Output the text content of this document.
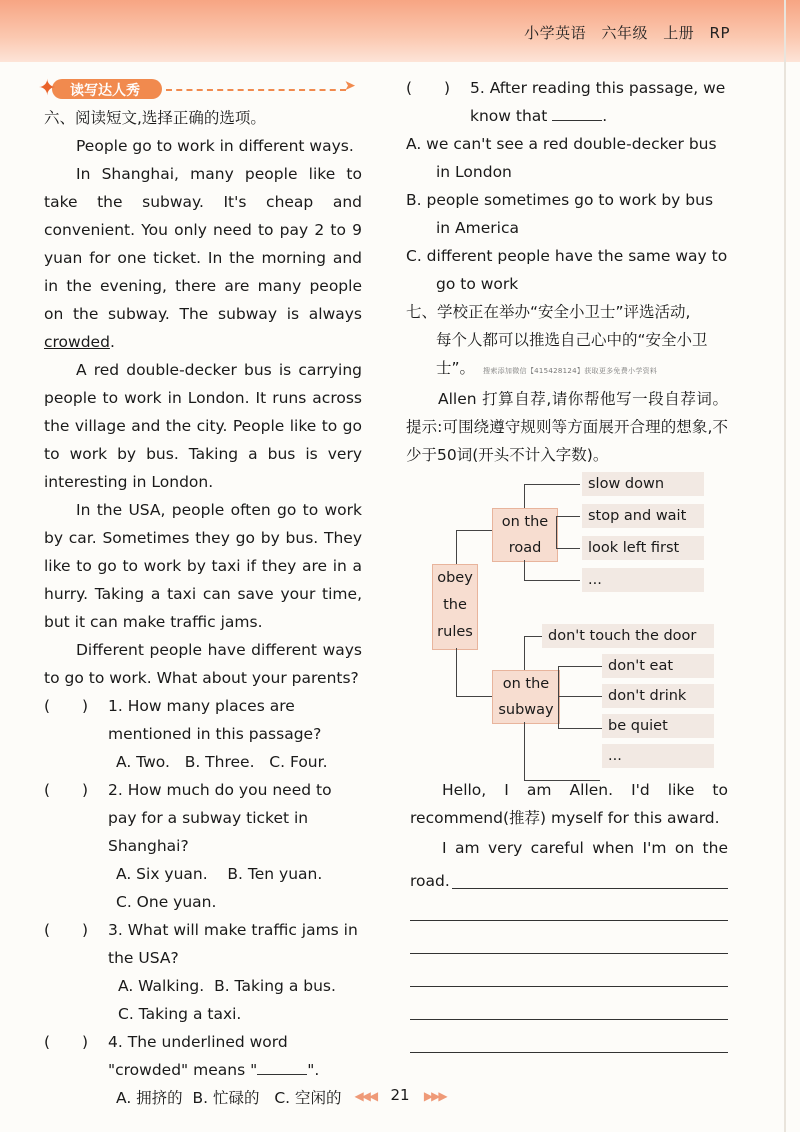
小学英语 六年级 上册 RP
✦ 读写达人秀	➤
六、阅读短文,选择正确的选项。
People go to work in different ways.
In Shanghai, many people like to take the subway. It's cheap and convenient. You only need to pay 2 to 9 yuan for one ticket. In the morning and in the evening, there are many people on the subway. The subway is always crowded.
A red double-decker bus is carrying people to work in London. It runs across the village and the city. People like to go to work by bus. Taking a bus is very interesting in London.
In the USA, people often go to work by car. Sometimes they go by bus. They like to go to work by taxi if they are in a hurry. Taking a taxi can save your time, but it can make traffic jams.
Different people have different ways to go to work. What about your parents?
( ) 1. How many places are mentioned in this passage?
A. Two. B. Three. C. Four.
( ) 2. How much do you need to pay for a subway ticket in Shanghai?
A. Six yuan. B. Ten yuan.
C. One yuan.
( ) 3. What will make traffic jams in the USA?
A. Walking. B. Taking a bus.
C. Taking a taxi.
( ) 4. The underlined word "crowded" means "	".
A. 拥挤的 B. 忙碌的 C. 空闲的
( ) 5. After reading this passage, we know that	.
A. we can't see a red double-decker bus in London
B. people sometimes go to work by bus in America
C. different people have the same way to go to work
七、学校正在举办“安全小卫士”评选活动,
每个人都可以推选自己心中的“安全小卫士”。 搜索添加微信【415428124】获取更多免费小学资料
Allen 打算自荐,请你帮他写一段自荐词。提示:可围绕遵守规则等方面展开合理的想象,不少于50词(开头不计入字数)。
obey the rules
on the road
slow down
stop and wait
look left first
...
on the subway
don't touch the door
don't eat
don't drink
be quiet
...
Hello, I am Allen. I'd like to recommend(推荐) myself for this award.
I am very careful when I'm on the road.
◀◀◀ 21 ▶▶▶
